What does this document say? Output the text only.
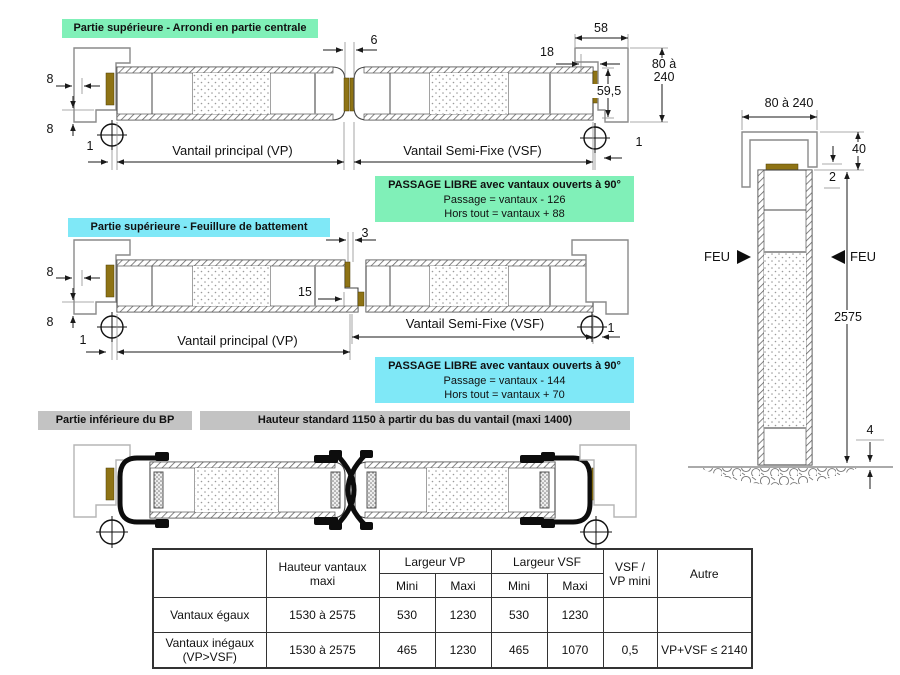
Partie supérieure - Arrondi en partie centrale
8
8
1
6
18
58
59,5
80 à 240
Vantail principal (VP)	Vantail Semi-Fixe (VSF)
1
PASSAGE LIBRE avec vantaux ouverts à 90°
Passage = vantaux - 126
Hors tout = vantaux + 88
Partie supérieure - Feuillure de battement
8
8
3
15
Vantail Semi-Fixe (VSF)	1
1	Vantail principal (VP)
PASSAGE LIBRE avec vantaux ouverts à 90°
Passage = vantaux - 144
Hors tout = vantaux + 70
Partie inférieure du BP	Hauteur standard 1150 à partir du bas du vantail (maxi 1400)
80 à 240
40
2
FEU	FEU
2575
4
	Hauteur vantaux maxi	Largeur VP		Largeur VSF		VSF / VP mini	Autre
		Mini	Maxi	Mini	Maxi		
Vantaux égaux	1530 à 2575	530	1230	530	1230		
Vantaux inégaux (VP>VSF)	1530 à 2575	465	1230	465	1070	0,5	VP+VSF ≤ 2140
